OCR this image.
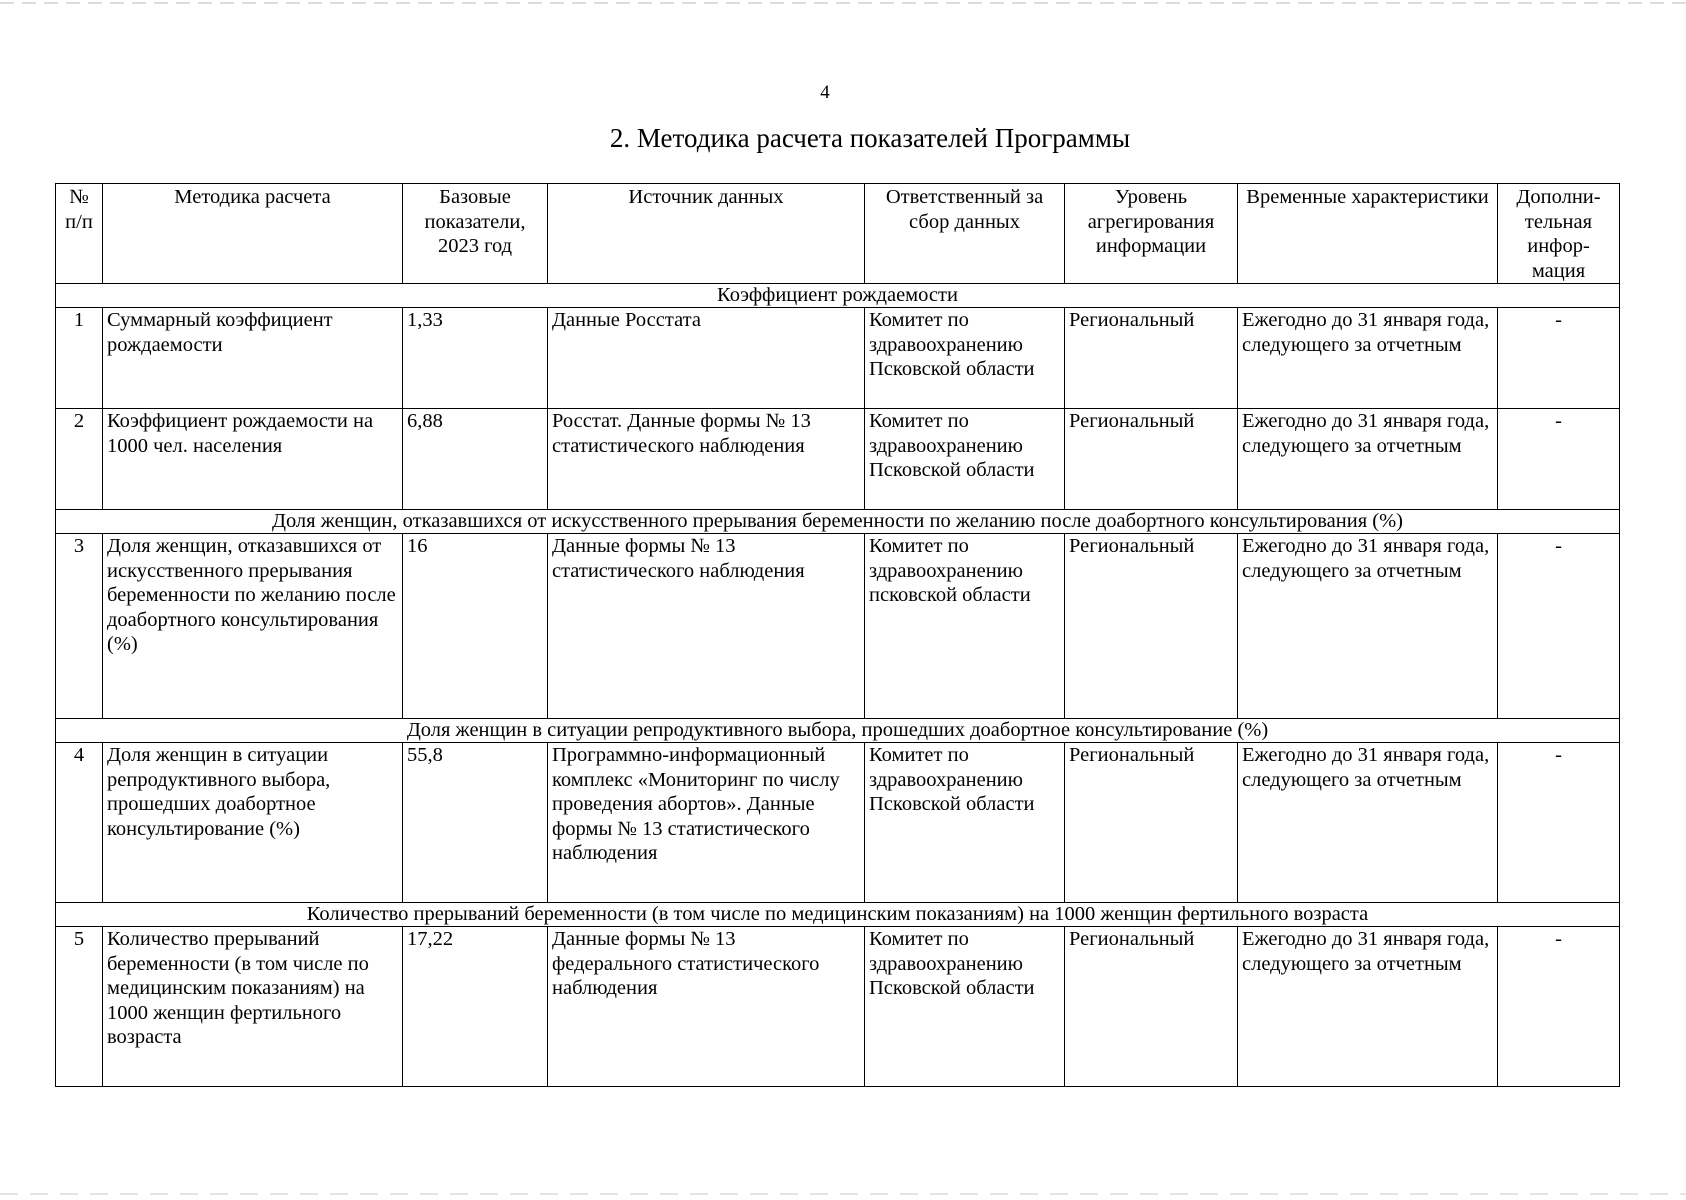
4
2. Методика расчета показателей Программы
№ п/п	Методика расчета	Базовые показатели, 2023 год	Источник данных	Ответственный за сбор данных	Уровень агрегирования информации	Временные характеристики	Дополни- тельная инфор- мация
Коэффициент рождаемости							
1	Суммарный коэффициент рождаемости	1,33	Данные Росстата	Комитет по здравоохранению Псковской области	Региональный	Ежегодно до 31 января года, следующего за отчетным	-
2	Коэффициент рождаемости на 1000 чел. населения	6,88	Росстат. Данные формы № 13 статистического наблюдения	Комитет по здравоохранению Псковской области	Региональный	Ежегодно до 31 января года, следующего за отчетным	-
Доля женщин, отказавшихся от искусственного прерывания беременности по желанию после доабортного консультирования (%)							
3	Доля женщин, отказавшихся от искусственного прерывания беременности по желанию после доабортного консультирования (%)	16	Данные формы № 13 статистического наблюдения	Комитет по здравоохранению псковской области	Региональный	Ежегодно до 31 января года, следующего за отчетным	-
Доля женщин в ситуации репродуктивного выбора, прошедших доабортное консультирование (%)							
4	Доля женщин в ситуации репродуктивного выбора, прошедших доабортное консультирование (%)	55,8	Программно-информационный комплекс «Мониторинг по числу проведения абортов». Данные формы № 13 статистического наблюдения	Комитет по здравоохранению Псковской области	Региональный	Ежегодно до 31 января года, следующего за отчетным	-
Количество прерываний беременности (в том числе по медицинским показаниям) на 1000 женщин фертильного возраста							
5	Количество прерываний беременности (в том числе по медицинским показаниям) на 1000 женщин фертильного возраста	17,22	Данные формы № 13 федерального статистического наблюдения	Комитет по здравоохранению Псковской области	Региональный	Ежегодно до 31 января года, следующего за отчетным	-
